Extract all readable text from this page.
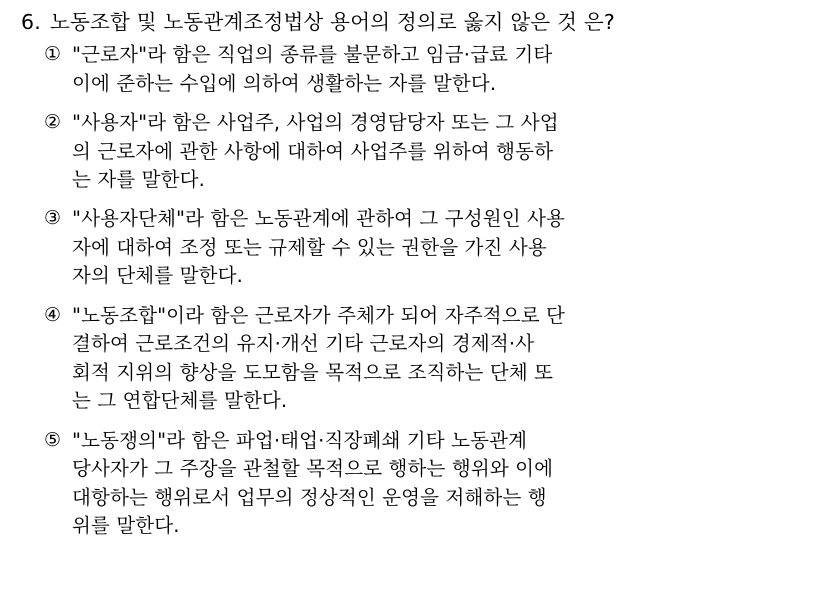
6. 노동조합 및 노동관계조정법상 용어의 정의로 옳지 않은 것 은?
① "근로자"라 함은 직업의 종류를 불문하고 임금·급료 기타
이에 준하는 수입에 의하여 생활하는 자를 말한다.
② "사용자"라 함은 사업주, 사업의 경영담당자 또는 그 사업
의 근로자에 관한 사항에 대하여 사업주를 위하여 행동하
는 자를 말한다.
③ "사용자단체"라 함은 노동관계에 관하여 그 구성원인 사용
자에 대하여 조정 또는 규제할 수 있는 권한을 가진 사용
자의 단체를 말한다.
④ "노동조합"이라 함은 근로자가 주체가 되어 자주적으로 단
결하여 근로조건의 유지·개선 기타 근로자의 경제적·사
회적 지위의 향상을 도모함을 목적으로 조직하는 단체 또
는 그 연합단체를 말한다.
⑤ "노동쟁의"라 함은 파업·태업·직장폐쇄 기타 노동관계
당사자가 그 주장을 관철할 목적으로 행하는 행위와 이에
대항하는 행위로서 업무의 정상적인 운영을 저해하는 행
위를 말한다.
